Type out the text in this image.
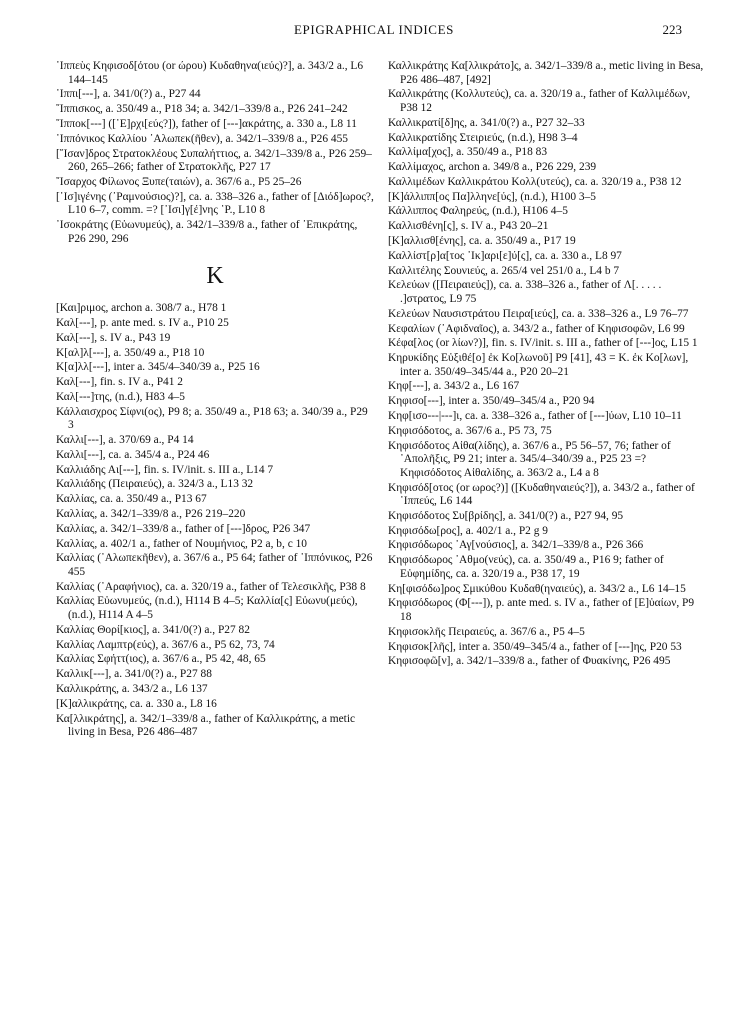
EPIGRAPHICAL INDICES	223

῾Ιππεὺς Κηφισοδ[ότου (or ώρου) Κυδαθηνα(ιεύς)?], a. 343/2 a., L6 144–145

῾Ιππι[---], a. 341/0(?) a., P27 44

῞Ιππισκος, a. 350/49 a., P18 34; a. 342/1–339/8 a., P26 241–242

῞Ιπποκ[---] ([᾽Ε]ρχι[εύς?]), father of [---]ακράτης, a. 330 a., L8 11

῾Ιππόνικος Καλλίου ᾽Αλωπεκ(ῆθεν), a. 342/1–339/8 a., P26 455

[῎Ισαν]δρος Στρατοκλέους Συπαλήττιος, a. 342/1–339/8 a., P26 259–260, 265–266; father of Στρατοκλῆς, P27 17

῎Ισαρχος Φίλωνος Ξυπε(ταιών), a. 367/6 a., P5 25–26

[᾽Ισ]ιγένης (᾽Ραμνούσιος)?], ca. a. 338–326 a., father of [Διόδ]ωρος?, L10 6–7, comm. =? [᾽Ισι]γ[έ]νης ῾Ρ., L10 8

᾽Ισοκράτης (Εὐωνυμεύς), a. 342/1–339/8 a., father of ᾽Επικράτης, P26 290, 296

K

[Και]ριμος, archon a. 308/7 a., H78 1

Καλ[---], p. ante med. s. IV a., P10 25

Καλ[---], s. IV a., P43 19

Κ[αλ]λ[---], a. 350/49 a., P18 10

Κ[α]λλ[---], inter a. 345/4–340/39 a., P25 16

Καλ[---], fin. s. IV a., P41 2

Καλ[---]της, (n.d.), H83 4–5

Κάλλαισχρος Σίφνι(ος), P9 8; a. 350/49 a., P18 63; a. 340/39 a., P29 3

Καλλι[---], a. 370/69 a., P4 14

Καλλι[---], ca. a. 345/4 a., P24 46

Καλλιάδης Αι[---], fin. s. IV/init. s. III a., L14 7

Καλλιάδης (Πειραιεύς), a. 324/3 a., L13 32

Καλλίας, ca. a. 350/49 a., P13 67

Καλλίας, a. 342/1–339/8 a., P26 219–220

Καλλίας, a. 342/1–339/8 a., father of [---]δρος, P26 347

Καλλίας, a. 402/1 a., father of Νουμήνιος, P2 a, b, c 10

Καλλίας (᾽Αλωπεκῆθεν), a. 367/6 a., P5 64; father of ῾Ιππόνικος, P26 455

Καλλίας (᾽Αραφήνιος), ca. a. 320/19 a., father of Τελεσικλῆς, P38 8

Καλλίας Εὐωνυμεύς, (n.d.), H114 B 4–5; Καλλία[ς] Εὐωνυ(μεύς), (n.d.), H114 A 4–5

Καλλίας Θορί[κιος], a. 341/0(?) a., P27 82

Καλλίας Λαμπτρ(εύς), a. 367/6 a., P5 62, 73, 74

Καλλίας Σφήττ(ιος), a. 367/6 a., P5 42, 48, 65

Καλλικ[---], a. 341/0(?) a., P27 88

Καλλικράτης, a. 343/2 a., L6 137

[Κ]αλλικράτης, ca. a. 330 a., L8 16

Κα[λλικράτης], a. 342/1–339/8 a., father of Καλλικράτης, a metic living in Besa, P26 486–487

Καλλικράτης Κα[λλικράτο]ς, a. 342/1–339/8 a., metic living in Besa, P26 486–487, [492]

Καλλικράτης (Κολλυτεύς), ca. a. 320/19 a., father of Καλλιμέδων, P38 12

Καλλικρατί[δ]ης, a. 341/0(?) a., P27 32–33

Καλλικρατίδης Στειριεύς, (n.d.), H98 3–4

Καλλίμα[χος], a. 350/49 a., P18 83

Καλλίμαχος, archon a. 349/8 a., P26 229, 239

Καλλιμέδων Καλλικράτου Κολλ(υτεύς), ca. a. 320/19 a., P38 12

[Κ]άλλιππ[ος Πα]λληνε[ύς], (n.d.), H100 3–5

Κάλλιππος Φαληρεύς, (n.d.), H106 4–5

Καλλισθένη[ς], s. IV a., P43 20–21

[Κ]αλλισθ[ένης], ca. a. 350/49 a., P17 19

Καλλίστ[ρ]α[τος ᾽Ικ]αρι[ε]ύ[ς], ca. a. 330 a., L8 97

Καλλιτέλης Σουνιεύς, a. 265/4 vel 251/0 a., L4 b 7

Κελεύων ([Πειραιεύς]), ca. a. 338–326 a., father of Λ[. . . . . .]στρατος, L9 75

Κελεύων Ναυσιστράτου Πειρα[ιεύς], ca. a. 338–326 a., L9 76–77

Κεφαλίων (᾽Αφιδναῖος), a. 343/2 a., father of Κηφισοφῶν, L6 99

Κέφα[λος (or λίων?)], fin. s. IV/init. s. III a., father of [---]ος, L15 1

Κηρυκίδης Εὐξιθέ[ο] ἐκ Κο[λωνοῦ] P9 [41], 43 = Κ. ἐκ Κο[λων], inter a. 350/49–345/44 a., P20 20–21

Κηφ[---], a. 343/2 a., L6 167

Κηφισο[---], inter a. 350/49–345/4 a., P20 94

Κηφ[ισο---|---]ι, ca. a. 338–326 a., father of [---]ύων, L10 10–11

Κηφισόδοτος, a. 367/6 a., P5 73, 75

Κηφισόδοτος Αἰθα(λίδης), a. 367/6 a., P5 56–57, 76; father of ᾽Απολῆξις, P9 21; inter a. 345/4–340/39 a., P25 23 =? Κηφισόδοτος Αἰθαλίδης, a. 363/2 a., L4 a 8

Κηφισόδ[οτος (or ωρος?)] ([Κυδαθηναιεύς?]), a. 343/2 a., father of ῾Ιππεύς, L6 144

Κηφισόδοτος Συ[βρίδης], a. 341/0(?) a., P27 94, 95

Κηφισόδω[ρος], a. 402/1 a., P2 g 9

Κηφισόδωρος ᾽Αγ[νούσιος], a. 342/1–339/8 a., P26 366

Κηφισόδωρος ᾽Αθμο(νεύς), ca. a. 350/49 a., P16 9; father of Εὐφημίδης, ca. a. 320/19 a., P38 17, 19

Κη[φισόδω]ρος Σμικύθου Κυδαθ(ηναιεύς), a. 343/2 a., L6 14–15

Κηφισόδωρος (Φ[---]), p. ante med. s. IV a., father of [Ε]ὐαίων, P9 18

Κηφισοκλῆς Πειραιεύς, a. 367/6 a., P5 4–5

Κηφισοκ[λῆς], inter a. 350/49–345/4 a., father of [---]ης, P20 53

Κηφισοφῶ[ν], a. 342/1–339/8 a., father of Φυακίνης, P26 495
